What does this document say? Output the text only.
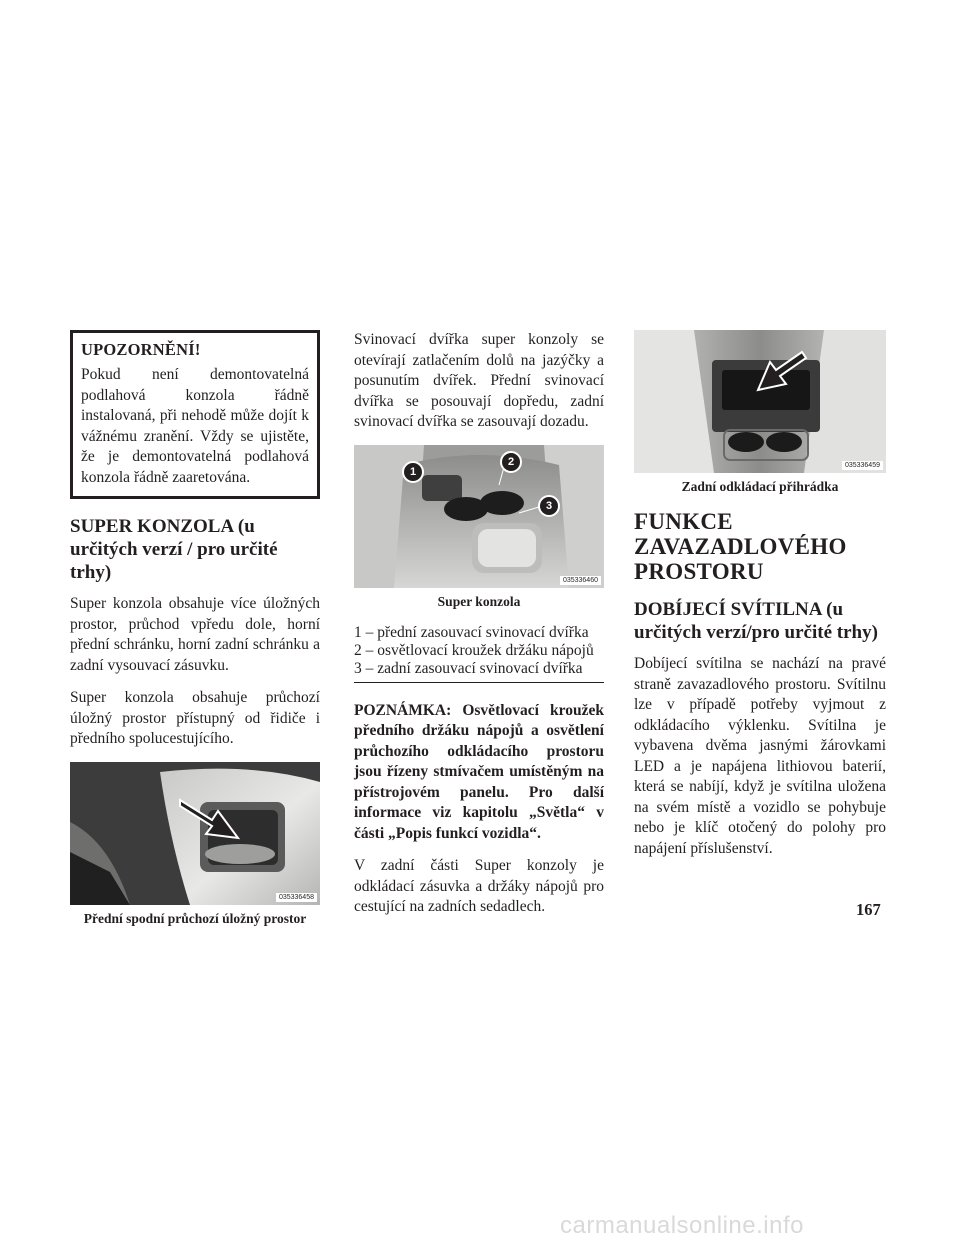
UPOZORNĚNÍ!

Pokud není demontovatelná podlahová konzola řádně instalovaná, při nehodě může dojít k vážnému zranění. Vždy se ujistěte, že je demontovatelná podlahová konzola řádně zaaretována.

SUPER KONZOLA (u určitých verzí / pro určité trhy)

Super konzola obsahuje více úložných prostor, průchod vpředu dole, horní přední schránku, horní zadní schránku a zadní vysouvací zásuvku.

Super konzola obsahuje průchozí úložný prostor přístupný od řidiče i předního spolucestujícího.

035336458

Přední spodní průchozí úložný prostor

Svinovací dvířka super konzoly se otevírají zatlačením dolů na jazýčky a posunutím dvířek. Přední svinovací dvířka se posouvají dopředu, zadní svinovací dvířka se zasouvají dozadu.

1
2
3
035336460

Super konzola

1 – přední zasouvací svinovací dvířka
2 – osvětlovací kroužek držáku nápojů
3 – zadní zasouvací svinovací dvířka

POZNÁMKA: Osvětlovací kroužek předního držáku nápojů a osvětlení průchozího odkládacího prostoru jsou řízeny stmívačem umístěným na přístrojovém panelu. Pro další informace viz kapitolu „Světla“ v části „Popis funkcí vozidla“.

V zadní části Super konzoly je odkládací zásuvka a držáky nápojů pro cestující na zadních sedadlech.

035336459

Zadní odkládací přihrádka

FUNKCE ZAVAZADLOVÉHO PROSTORU
DOBÍJECÍ SVÍTILNA (u určitých verzí/pro určité trhy)

Dobíjecí svítilna se nachází na pravé straně zavazadlového prostoru. Svítilnu lze v případě potřeby vyjmout z odkládacího výklenku. Svítilna je vybavena dvěma jasnými žárovkami LED a je napájena lithiovou baterií, která se nabíjí, když je svítilna uložena na svém místě a vozidlo se pohybuje nebo je klíč otočený do polohy pro napájení příslušenství.

167
carmanualsonline.info
